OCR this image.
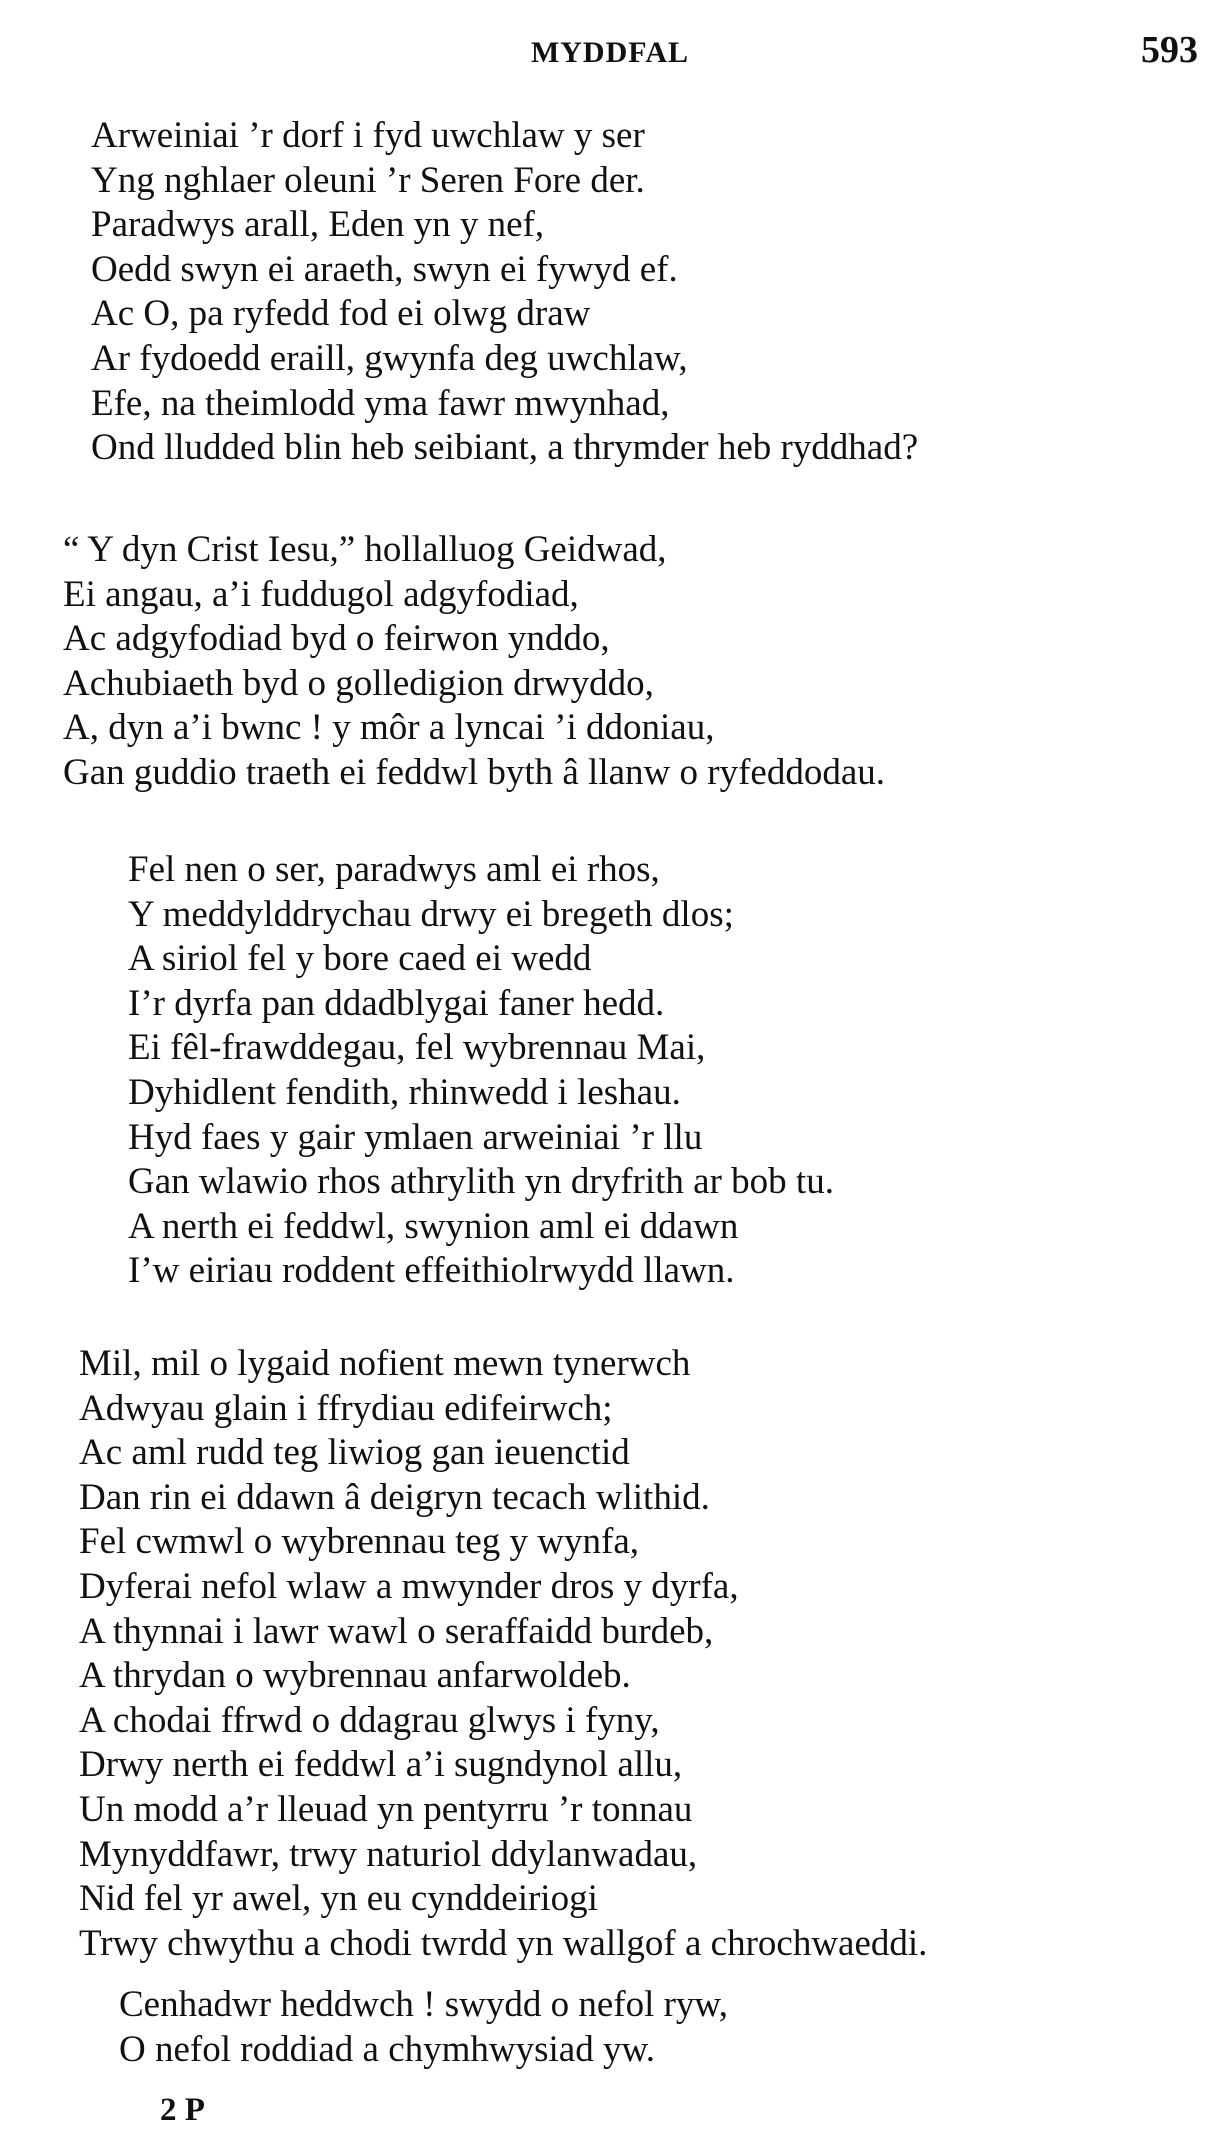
MYDDFAL	593
Arweiniai ’r dorf i fyd uwchlaw y ser
Yng nghlaer oleuni ’r Seren Fore der.
Paradwys arall, Eden yn y nef,
Oedd swyn ei araeth, swyn ei fywyd ef.
Ac O, pa ryfedd fod ei olwg draw
Ar fydoedd eraill, gwynfa deg uwchlaw,
Efe, na theimlodd yma fawr mwynhad,
Ond lludded blin heb seibiant, a thrymder heb ryddhad?
“ Y dyn Crist Iesu,” hollalluog Geidwad,
Ei angau, a’i fuddugol adgyfodiad,
Ac adgyfodiad byd o feirwon ynddo,
Achubiaeth byd o golledigion drwyddo,
A, dyn a’i bwnc ! y môr a lyncai ’i ddoniau,
Gan guddio traeth ei feddwl byth â llanw o ryfeddodau.
Fel nen o ser, paradwys aml ei rhos,
Y meddylddrychau drwy ei bregeth dlos;
A siriol fel y bore caed ei wedd
I’r dyrfa pan ddadblygai faner hedd.
Ei fêl-frawddegau, fel wybrennau Mai,
Dyhidlent fendith, rhinwedd i leshau.
Hyd faes y gair ymlaen arweiniai ’r llu
Gan wlawio rhos athrylith yn dryfrith ar bob tu.
A nerth ei feddwl, swynion aml ei ddawn
I’w eiriau roddent effeithiolrwydd llawn.
Mil, mil o lygaid nofient mewn tynerwch
Adwyau glain i ffrydiau edifeirwch;
Ac aml rudd teg liwiog gan ieuenctid
Dan rin ei ddawn â deigryn tecach wlithid.
Fel cwmwl o wybrennau teg y wynfa,
Dyferai nefol wlaw a mwynder dros y dyrfa,
A thynnai i lawr wawl o seraffaidd burdeb,
A thrydan o wybrennau anfarwoldeb.
A chodai ffrwd o ddagrau glwys i fyny,
Drwy nerth ei feddwl a’i sugndynol allu,
Un modd a’r lleuad yn pentyrru ’r tonnau
Mynyddfawr, trwy naturiol ddylanwadau,
Nid fel yr awel, yn eu cynddeiriogi
Trwy chwythu a chodi twrdd yn wallgof a chrochwaeddi.
Cenhadwr heddwch ! swydd o nefol ryw,
O nefol roddiad a chymhwysiad yw.
2 P
